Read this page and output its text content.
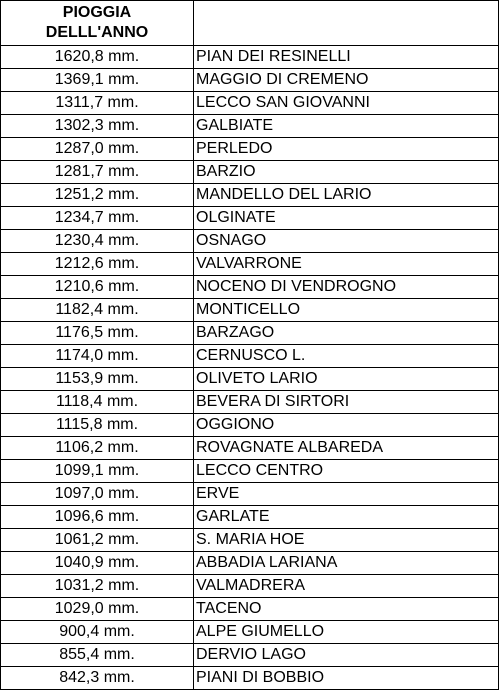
PIOGGIA
DELLL'ANNO	

1620,8 mm.	PIAN DEI RESINELLI
1369,1 mm.	MAGGIO DI CREMENO
1311,7 mm.	LECCO SAN GIOVANNI
1302,3 mm.	GALBIATE
1287,0 mm.	PERLEDO
1281,7 mm.	BARZIO
1251,2 mm.	MANDELLO DEL LARIO
1234,7 mm.	OLGINATE
1230,4 mm.	OSNAGO
1212,6 mm.	VALVARRONE
1210,6 mm.	NOCENO DI VENDROGNO
1182,4 mm.	MONTICELLO
1176,5 mm.	BARZAGO
1174,0 mm.	CERNUSCO L.
1153,9 mm.	OLIVETO LARIO
1118,4 mm.	BEVERA DI SIRTORI
1115,8 mm.	OGGIONO
1106,2 mm.	ROVAGNATE ALBAREDA
1099,1 mm.	LECCO CENTRO
1097,0 mm.	ERVE
1096,6 mm.	GARLATE
1061,2 mm.	S. MARIA HOE
1040,9 mm.	ABBADIA LARIANA
1031,2 mm.	VALMADRERA
1029,0 mm.	TACENO
900,4 mm.	ALPE GIUMELLO
855,4 mm.	DERVIO LAGO
842,3 mm.	PIANI DI BOBBIO
